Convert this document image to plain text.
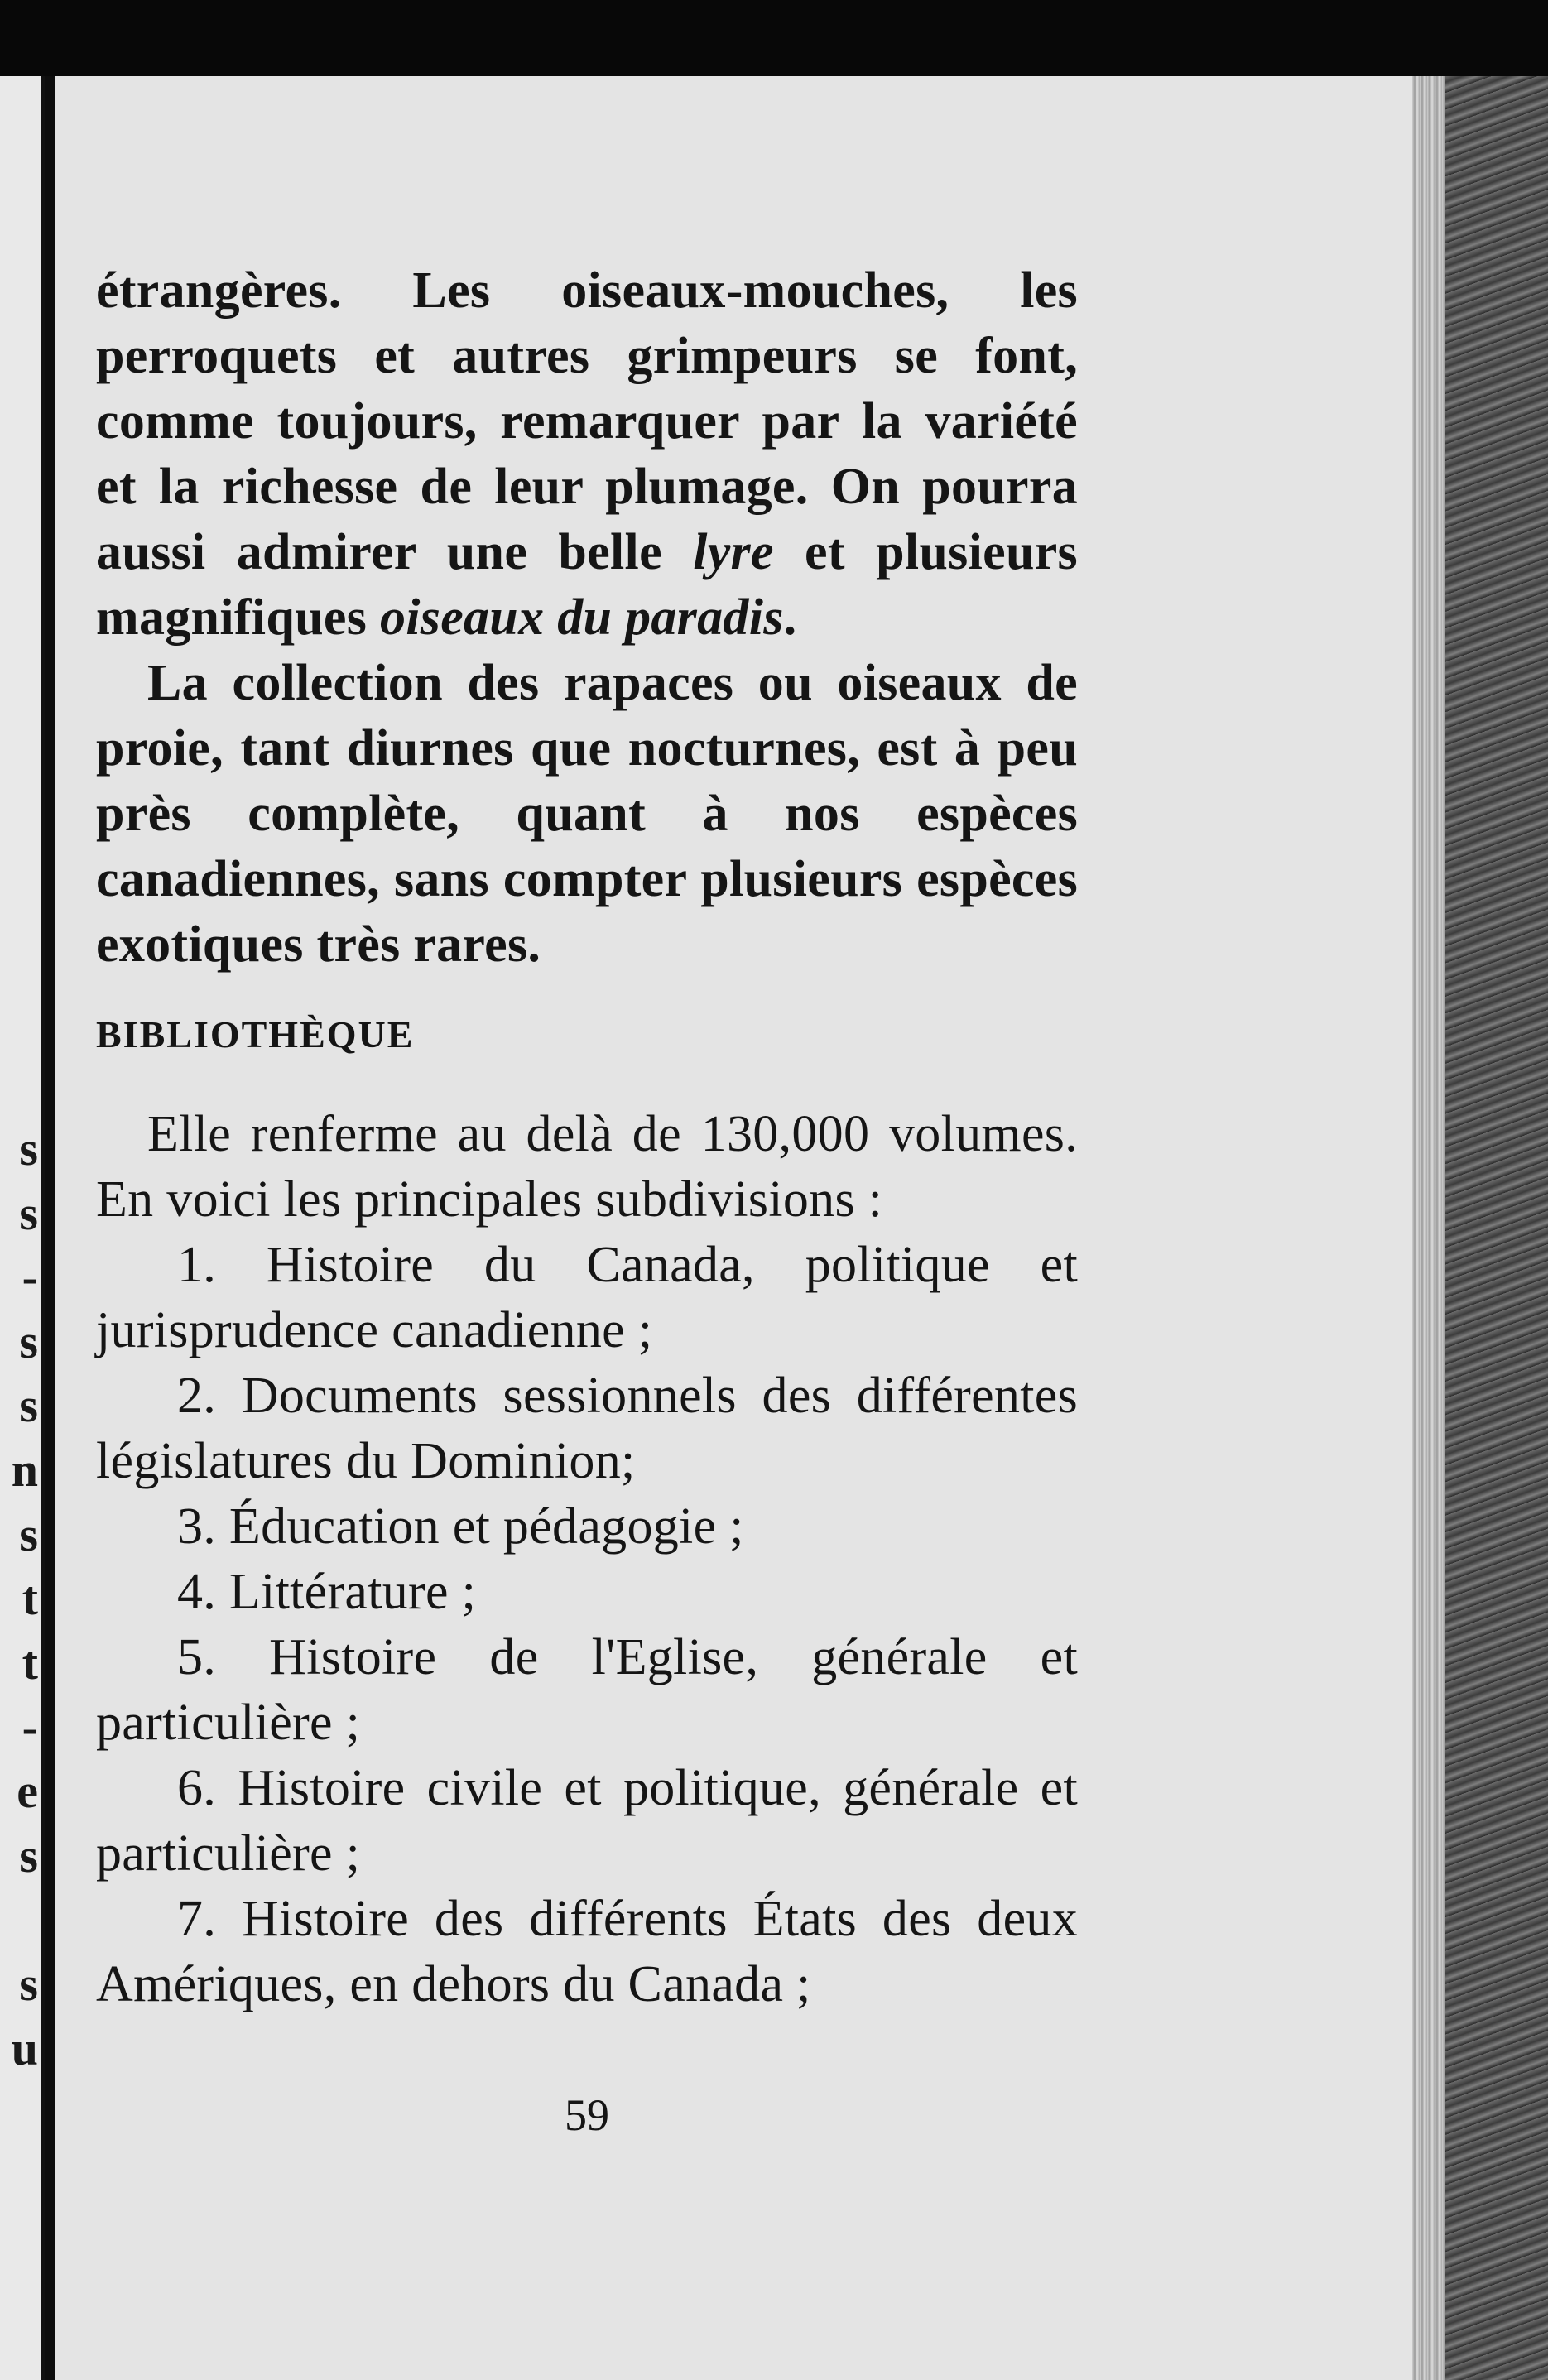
s
s
-
s
s
n
s
t
t
-
e
s
s
u

étrangères. Les oiseaux-mouches, les perroquets et autres grimpeurs se font, comme toujours, remarquer par la variété et la richesse de leur plumage. On pourra aussi admirer une belle lyre et plusieurs magnifiques oiseaux du paradis.

La collection des rapaces ou oiseaux de proie, tant diurnes que nocturnes, est à peu près complète, quant à nos espèces canadiennes, sans compter plusieurs espèces exotiques très rares.

BIBLIOTHÈQUE

Elle renferme au delà de 130,000 volumes. En voici les principales subdivisions :

1. Histoire du Canada, politique et jurisprudence canadienne ;

2. Documents sessionnels des différentes législatures du Dominion;

3. Éducation et pédagogie ;

4. Littérature ;

5. Histoire de l'Eglise, générale et particulière ;

6. Histoire civile et politique, générale et particulière ;

7. Histoire des différents États des deux Amériques, en dehors du Canada ;

59
